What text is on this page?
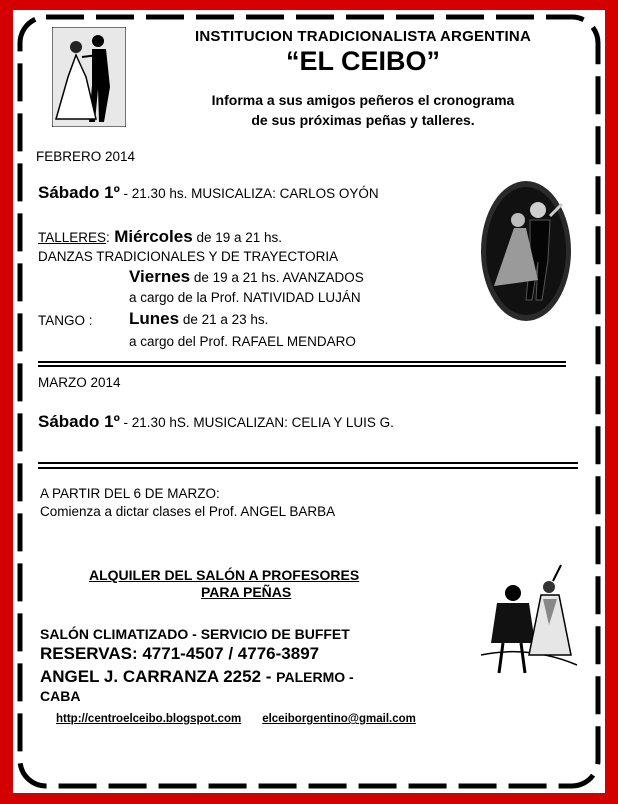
INSTITUCION TRADICIONALISTA ARGENTINA
“EL CEIBO”
Informa a sus amigos peñeros el cronograma
de sus próximas peñas y talleres.
FEBRERO 2014
Sábado 1º - 21.30 hs. MUSICALIZA: CARLOS OYÓN
TALLERES: Miércoles de 19 a 21 hs.
DANZAS TRADICIONALES Y DE TRAYECTORIA
Viernes de 19 a 21 hs. AVANZADOS
a cargo de la Prof. NATIVIDAD LUJÁN
TANGO : Lunes de 21 a 23 hs.
a cargo del Prof. RAFAEL MENDARO
MARZO 2014
Sábado 1º - 21.30 hS. MUSICALIZAN: CELIA Y LUIS G.
A PARTIR DEL 6 DE MARZO:
Comienza a dictar clases el Prof. ANGEL BARBA
ALQUILER DEL SALÓN A PROFESORES
PARA PEÑAS
SALÓN CLIMATIZADO - SERVICIO DE BUFFET
RESERVAS: 4771-4507 / 4776-3897
ANGEL J. CARRANZA 2252 - PALERMO -
CABA
http://centroelceibo.blogspot.com elceiborgentino@gmail.com
